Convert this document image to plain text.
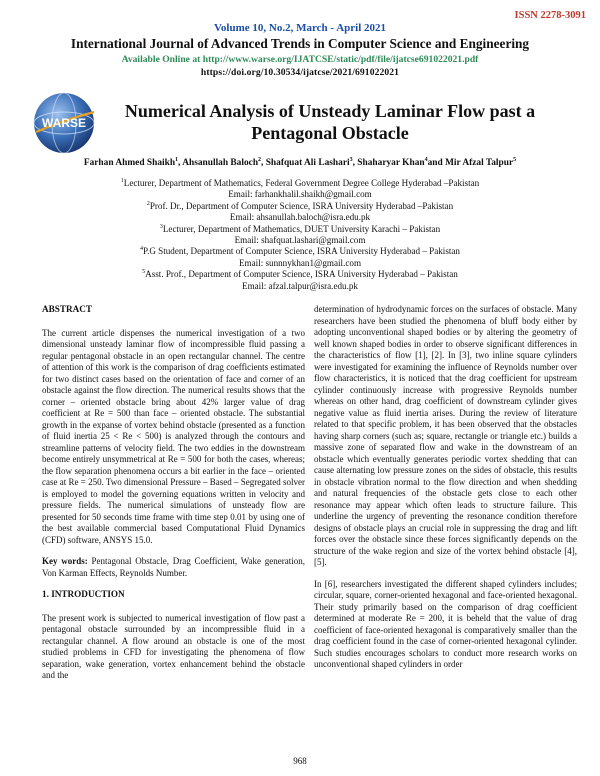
ISSN 2278-3091
Volume 10, No.2, March - April 2021
International Journal of Advanced Trends in Computer Science and Engineering
Available Online at http://www.warse.org/IJATCSE/static/pdf/file/ijatcse691022021.pdf
https://doi.org/10.30534/ijatcse/2021/691022021
WARSE
Numerical Analysis of Unsteady Laminar Flow past a
Pentagonal Obstacle
Farhan Ahmed Shaikh$^1$, Ahsanullah Baloch$^2$, Shafquat Ali Lashari$^3$, Shaharyar Khan$^4$and Mir Afzal Talpur$^5$
$^1$Lecturer, Department of Mathematics, Federal Government Degree College Hyderabad –Pakistan
Email: farhankhalil.shaikh@gmail.com
$^2$Prof. Dr., Department of Computer Science, ISRA University Hyderabad –Pakistan
Email: ahsanullah.baloch@isra.edu.pk
$^3$Lecturer, Department of Mathematics, DUET University Karachi – Pakistan
Email: shafquat.lashari@gmail.com
$^4$P.G Student, Department of Computer Science, ISRA University Hyderabad – Pakistan
Email: sunnnykhan1@gmail.com
$^5$Asst. Prof., Department of Computer Science, ISRA University Hyderabad – Pakistan
Email: afzal.talpur@isra.edu.pk
ABSTRACT

The current article dispenses the numerical investigation of a two dimensional unsteady laminar flow of incompressible fluid passing a regular pentagonal obstacle in an open rectangular channel. The centre of attention of this work is the comparison of drag coefficients estimated for two distinct cases based on the orientation of face and corner of an obstacle against the flow direction. The numerical results shows that the corner – oriented obstacle bring about 42% larger value of drag coefficient at Re = 500 than face – oriented obstacle. The substantial growth in the expanse of vortex behind obstacle (presented as a function of fluid inertia 25 < Re < 500) is analyzed through the contours and streamline patterns of velocity field. The two eddies in the downstream become entirely unsymmetrical at Re = 500 for both the cases, whereas; the flow separation phenomena occurs a bit earlier in the face – oriented case at Re = 250. Two dimensional Pressure – Based – Segregated solver is employed to model the governing equations written in velocity and pressure fields. The numerical simulations of unsteady flow are presented for 50 seconds time frame with time step 0.01 by using one of the best available commercial based Computational Fluid Dynamics (CFD) software, ANSYS 15.0.

Key words: Pentagonal Obstacle, Drag Coefficient, Wake generation, Von Karman Effects, Reynolds Number.

1. INTRODUCTION

The present work is subjected to numerical investigation of flow past a pentagonal obstacle surrounded by an incompressible fluid in a rectangular channel. A flow around an obstacle is one of the most studied problems in CFD for investigating the phenomena of flow separation, wake generation, vortex enhancement behind the obstacle and the

determination of hydrodynamic forces on the surfaces of obstacle. Many researchers have been studied the phenomena of bluff body either by adopting unconventional shaped bodies or by altering the geometry of well known shaped bodies in order to observe significant differences in the characteristics of flow [1], [2]. In [3], two inline square cylinders were investigated for examining the influence of Reynolds number over flow characteristics, it is noticed that the drag coefficient for upstream cylinder continuously increase with progressive Reynolds number whereas on other hand, drag coefficient of downstream cylinder gives negative value as fluid inertia arises. During the review of literature related to that specific problem, it has been observed that the obstacles having sharp corners (such as; square, rectangle or triangle etc.) builds a massive zone of separated flow and wake in the downstream of an obstacle which eventually generates periodic vortex shedding that can cause alternating low pressure zones on the sides of obstacle, this results in obstacle vibration normal to the flow direction and when shedding and natural frequencies of the obstacle gets close to each other resonance may appear which often leads to structure failure. This underline the urgency of preventing the resonance condition therefore designs of obstacle plays an crucial role in suppressing the drag and lift forces over the obstacle since these forces significantly depends on the structure of the wake region and size of the vortex behind obstacle [4], [5].

In [6], researchers investigated the different shaped cylinders includes; circular, square, corner-oriented hexagonal and face-oriented hexagonal. Their study primarily based on the comparison of drag coefficient determined at moderate Re = 200, it is beheld that the value of drag coefficient of face-oriented hexagonal is comparatively smaller than the drag coefficient found in the case of corner-oriented hexagonal cylinder. Such studies encourages scholars to conduct more research works on unconventional shaped cylinders in order

968
